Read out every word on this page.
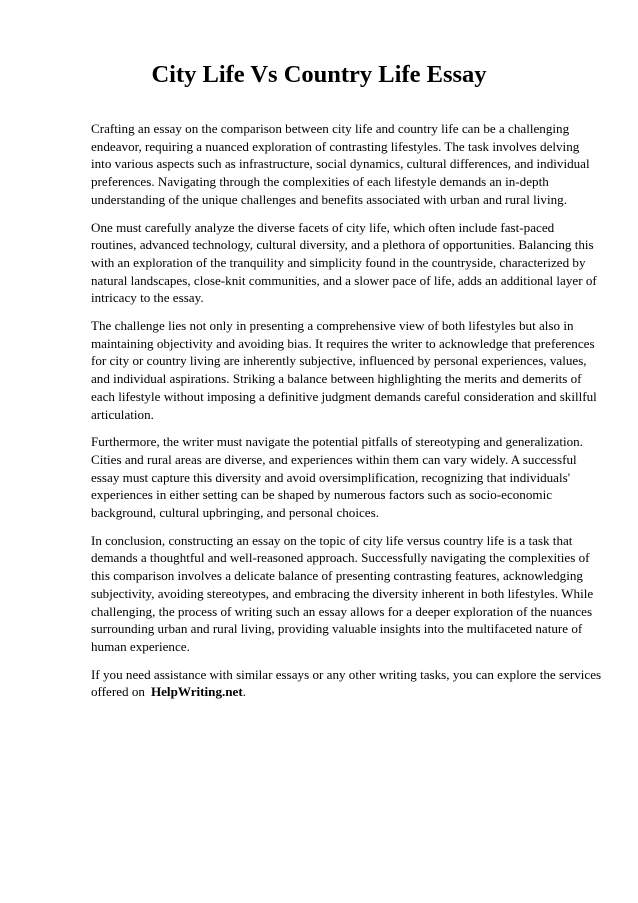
City Life Vs Country Life Essay

Crafting an essay on the comparison between city life and country life can be a challenging
endeavor, requiring a nuanced exploration of contrasting lifestyles. The task involves delving
into various aspects such as infrastructure, social dynamics, cultural differences, and individual
preferences. Navigating through the complexities of each lifestyle demands an in-depth
understanding of the unique challenges and benefits associated with urban and rural living.

One must carefully analyze the diverse facets of city life, which often include fast-paced
routines, advanced technology, cultural diversity, and a plethora of opportunities. Balancing this
with an exploration of the tranquility and simplicity found in the countryside, characterized by
natural landscapes, close-knit communities, and a slower pace of life, adds an additional layer of
intricacy to the essay.

The challenge lies not only in presenting a comprehensive view of both lifestyles but also in
maintaining objectivity and avoiding bias. It requires the writer to acknowledge that preferences
for city or country living are inherently subjective, influenced by personal experiences, values,
and individual aspirations. Striking a balance between highlighting the merits and demerits of
each lifestyle without imposing a definitive judgment demands careful consideration and skillful
articulation.

Furthermore, the writer must navigate the potential pitfalls of stereotyping and generalization.
Cities and rural areas are diverse, and experiences within them can vary widely. A successful
essay must capture this diversity and avoid oversimplification, recognizing that individuals'
experiences in either setting can be shaped by numerous factors such as socio-economic
background, cultural upbringing, and personal choices.

In conclusion, constructing an essay on the topic of city life versus country life is a task that
demands a thoughtful and well-reasoned approach. Successfully navigating the complexities of
this comparison involves a delicate balance of presenting contrasting features, acknowledging
subjectivity, avoiding stereotypes, and embracing the diversity inherent in both lifestyles. While
challenging, the process of writing such an essay allows for a deeper exploration of the nuances
surrounding urban and rural living, providing valuable insights into the multifaceted nature of
human experience.

If you need assistance with similar essays or any other writing tasks, you can explore the services
offered on HelpWriting.net.
